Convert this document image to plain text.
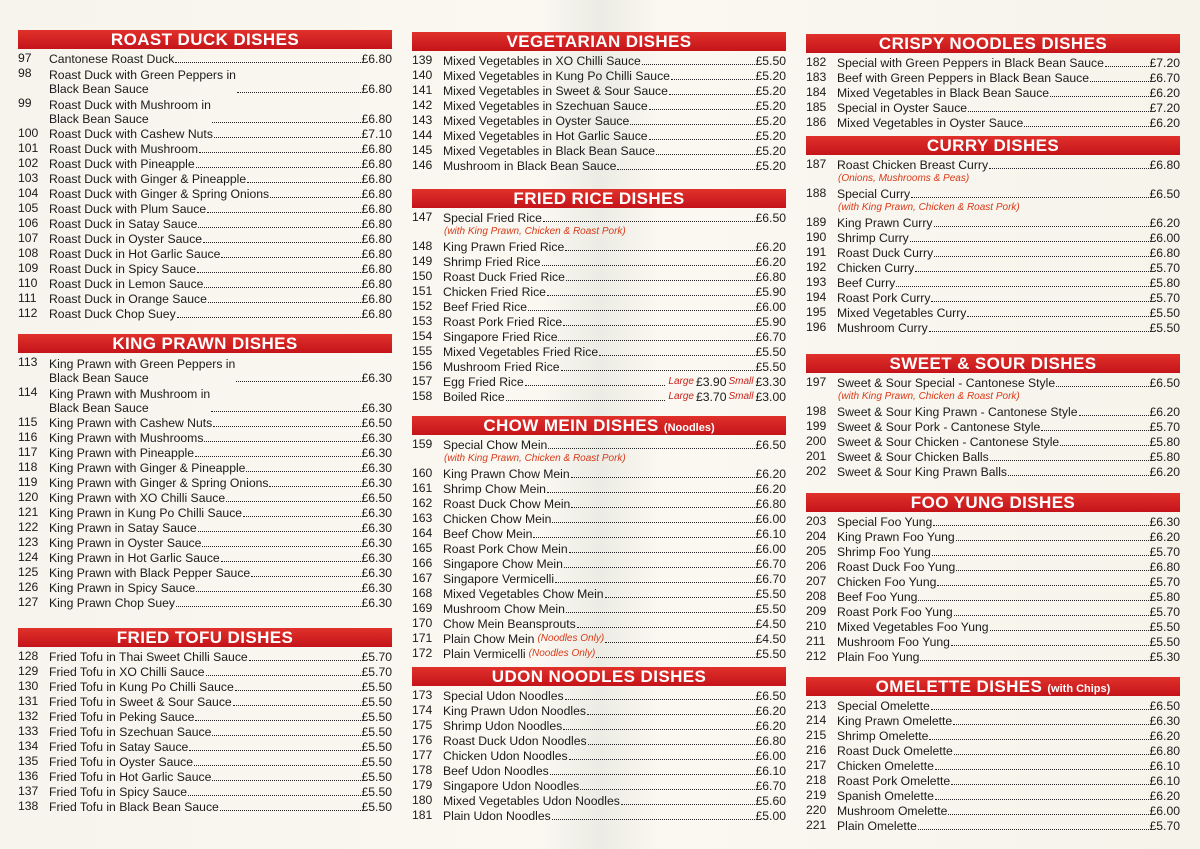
ROAST DUCK DISHES
97	Cantonese Roast Duck	£6.80
98	Roast Duck with Green Peppers in
Black Bean Sauce	£6.80
99	Roast Duck with Mushroom in
Black Bean Sauce	£6.80
100 Roast Duck with Cashew Nuts	£7.10
101 Roast Duck with Mushroom	£6.80
102 Roast Duck with Pineapple	£6.80
103 Roast Duck with Ginger & Pineapple	£6.80
104 Roast Duck with Ginger & Spring Onions	£6.80
105 Roast Duck with Plum Sauce	£6.80
106 Roast Duck in Satay Sauce	£6.80
107 Roast Duck in Oyster Sauce	£6.80
108 Roast Duck in Hot Garlic Sauce	£6.80
109 Roast Duck in Spicy Sauce	£6.80
110 Roast Duck in Lemon Sauce	£6.80
111	Roast Duck in Orange Sauce	£6.80
112 Roast Duck Chop Suey	£6.80
KING PRAWN DISHES
113 King Prawn with Green Peppers in
Black Bean Sauce	£6.30
114 King Prawn with Mushroom in
Black Bean Sauce	£6.30
115 King Prawn with Cashew Nuts	£6.50
116 King Prawn with Mushrooms	£6.30
117 King Prawn with Pineapple	£6.30
118 King Prawn with Ginger & Pineapple	£6.30
119 King Prawn with Ginger & Spring Onions	£6.30
120 King Prawn with XO Chilli Sauce	£6.50
121 King Prawn in Kung Po Chilli Sauce	£6.30
122 King Prawn in Satay Sauce	£6.30
123 King Prawn in Oyster Sauce	£6.30
124 King Prawn in Hot Garlic Sauce	£6.30
125 King Prawn with Black Pepper Sauce	£6.30
126 King Prawn in Spicy Sauce	£6.30
127 King Prawn Chop Suey	£6.30
FRIED TOFU DISHES
128 Fried Tofu in Thai Sweet Chilli Sauce	£5.70
129 Fried Tofu in XO Chilli Sauce	£5.70
130 Fried Tofu in Kung Po Chilli Sauce	£5.50
131 Fried Tofu in Sweet & Sour Sauce	£5.50
132 Fried Tofu in Peking Sauce	£5.50
133 Fried Tofu in Szechuan Sauce	£5.50
134 Fried Tofu in Satay Sauce	£5.50
135 Fried Tofu in Oyster Sauce	£5.50
136 Fried Tofu in Hot Garlic Sauce	£5.50
137 Fried Tofu in Spicy Sauce	£5.50
138 Fried Tofu in Black Bean Sauce	£5.50
VEGETARIAN DISHES
139 Mixed Vegetables in XO Chilli Sauce	£5.50
140 Mixed Vegetables in Kung Po Chilli Sauce	£5.20
141 Mixed Vegetables in Sweet & Sour Sauce	£5.20
142 Mixed Vegetables in Szechuan Sauce	£5.20
143 Mixed Vegetables in Oyster Sauce	£5.20
144 Mixed Vegetables in Hot Garlic Sauce	£5.20
145 Mixed Vegetables in Black Bean Sauce	£5.20
146 Mushroom in Black Bean Sauce	£5.20
FRIED RICE DISHES
147 Special Fried Rice	£6.50
(with King Prawn, Chicken & Roast Pork)
148 King Prawn Fried Rice	£6.20
149 Shrimp Fried Rice	£6.20
150 Roast Duck Fried Rice	£6.80
151 Chicken Fried Rice	£5.90
152 Beef Fried Rice	£6.00
153 Roast Pork Fried Rice	£5.90
154 Singapore Fried Rice	£6.70
155 Mixed Vegetables Fried Rice	£5.50
156 Mushroom Fried Rice	£5.50
157 Egg Fried Rice	Large £3.90 Small £3.30
158 Boiled Rice	Large £3.70 Small £3.00
CHOW MEIN DISHES (Noodles)
159 Special Chow Mein	£6.50
(with King Prawn, Chicken & Roast Pork)
160 King Prawn Chow Mein	£6.20
161 Shrimp Chow Mein	£6.20
162 Roast Duck Chow Mein	£6.80
163 Chicken Chow Mein	£6.00
164 Beef Chow Mein	£6.10
165 Roast Pork Chow Mein	£6.00
166 Singapore Chow Mein	£6.70
167 Singapore Vermicelli	£6.70
168 Mixed Vegetables Chow Mein	£5.50
169 Mushroom Chow Mein	£5.50
170 Chow Mein Beansprouts	£4.50
171 Plain Chow Mein (Noodles Only)	£4.50
172 Plain Vermicelli (Noodles Only)	£5.50
UDON NOODLES DISHES
173 Special Udon Noodles	£6.50
174 King Prawn Udon Noodles	£6.20
175 Shrimp Udon Noodles	£6.20
176 Roast Duck Udon Noodles	£6.80
177 Chicken Udon Noodles	£6.00
178 Beef Udon Noodles	£6.10
179 Singapore Udon Noodles	£6.70
180 Mixed Vegetables Udon Noodles	£5.60
181 Plain Udon Noodles	£5.00
CRISPY NOODLES DISHES
182 Special with Green Peppers in Black Bean Sauce	£7.20
183 Beef with Green Peppers in Black Bean Sauce	£6.70
184 Mixed Vegetables in Black Bean Sauce	£6.20
185 Special in Oyster Sauce	£7.20
186 Mixed Vegetables in Oyster Sauce	£6.20
CURRY DISHES
187 Roast Chicken Breast Curry	£6.80
(Onions, Mushrooms & Peas)
188 Special Curry	£6.50
(with King Prawn, Chicken & Roast Pork)
189 King Prawn Curry	£6.20
190 Shrimp Curry	£6.00
191 Roast Duck Curry	£6.80
192 Chicken Curry	£5.70
193 Beef Curry	£5.80
194 Roast Pork Curry	£5.70
195 Mixed Vegetables Curry	£5.50
196 Mushroom Curry	£5.50
SWEET & SOUR DISHES
197 Sweet & Sour Special - Cantonese Style	£6.50
(with King Prawn, Chicken & Roast Pork)
198 Sweet & Sour King Prawn - Cantonese Style	£6.20
199 Sweet & Sour Pork - Cantonese Style	£5.70
200 Sweet & Sour Chicken - Cantonese Style	£5.80
201 Sweet & Sour Chicken Balls	£5.80
202 Sweet & Sour King Prawn Balls	£6.20
FOO YUNG DISHES
203 Special Foo Yung	£6.30
204 King Prawn Foo Yung	£6.20
205 Shrimp Foo Yung	£5.70
206 Roast Duck Foo Yung	£6.80
207 Chicken Foo Yung	£5.70
208 Beef Foo Yung	£5.80
209 Roast Pork Foo Yung	£5.70
210 Mixed Vegetables Foo Yung	£5.50
211 Mushroom Foo Yung	£5.50
212 Plain Foo Yung	£5.30
OMELETTE DISHES (with Chips)
213 Special Omelette	£6.50
214 King Prawn Omelette	£6.30
215 Shrimp Omelette	£6.20
216 Roast Duck Omelette	£6.80
217 Chicken Omelette	£6.10
218 Roast Pork Omelette	£6.10
219 Spanish Omelette	£6.20
220 Mushroom Omelette	£6.00
221 Plain Omelette	£5.70
